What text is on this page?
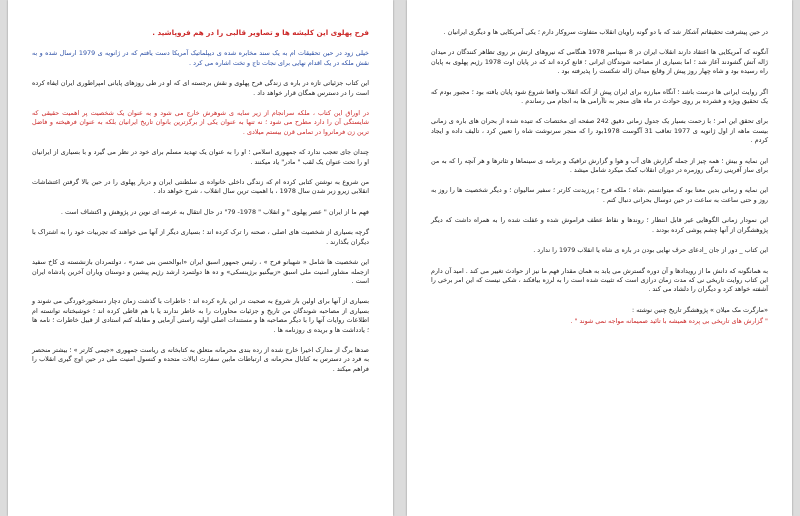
فرح پهلوی این کلیشه ها و تصاویر قالبی را در هم فروپاشید .

خیلی زود در حین تحقیقات ام به یک سند مخابره شده ی دیپلماتیک آمریکا دست یافتم که در ژانویه ی 1979 ارسال شده و به نقش ملکه در یک اقدام نهایی برای نجات تاج و تخت اشاره می کرد .

این کتاب جزئیاتی تازه در باره ی زندگی فرح پهلوی و نقش برجسته ای که او در طی روزهای پایانی امپراطوری ایران ایفاء کرده است را در دسترس همگان قرار خواهد داد .

در اوراق این کتاب ، ملکه سرانجام از زیر سایه ی شوهرش خارج می شود و به عنوان یک شخصیت پر اهمیت حقیقی که شایستگی آن را دارد مطرح می شود ؛ نه تنها به عنوان یکی از برگزترین بانوان تاریخ ایرانیان بلکه به عنوان فرهیخته و فاضل ترین زن فرمانروا در تمامی قرن بیستم میلادی .

چندان جای تعجب ندارد که جمهوری اسلامی ؛ او را به عنوان یک تهدید مسلم برای خود در نظر می گیرد و با بسیاری از ایرانیان او را تحت عنوان یک لقب " مادر" یاد میکنند .

من شروع به نوشتن کتابی کرده ام که زندگی داخلی خانواده ی سلطنتی ایران و دربار پهلوی را در حین بالا گرفتن اغتشاشات انقلابی زیرو زبر شدن سال 1978 ، با اهمیت ترین سال انقلاب ، شرح خواهد داد .

فهم ما از ایران " عصر پهلوی " و انقلاب " 1978- 79" در حال انتقال به عرصه ای نوین در پژوهش و اکتشاف است .

گرچه بسیاری از شخصیت های اصلی ، صحنه را ترک کرده اند ؛ بسیاری دیگر از آنها می خواهند که تجربیات خود را به اشتراک با دیگران بگذارند .

این شخصیت ها شامل « شهبانو فرح » ، رئیس جمهور اسبق ایران «ابوالحسن بنی صدر» ، دولتمردان بازنشسته ی کاخ سفید ازجمله مشاور امنیت ملی اسبق «زبیگنیو برژینسکی» و ده ها دولتمرد ارشد رژیم پیشین و دوستان ویاران آخرین پادشاه ایران است .

بسیاری از آنها برای اولین بار شروع به صحبت در این باره کرده اند ؛ خاطرات با گذشت زمان دچار دستخورخوردگی می شوند و بسیاری از مصاحبه شوندگان من تاریخ و جزئیات محاورات را به خاطر ندارند یا با هم قاطی کرده اند ؛ خوشبختانه توانسته ام اطلاعات روایات آنها را با دیگر مصاحبه ها و مستندات اصلی اولیه راستی آزمایی و مقابله کنم استادی از قبیل خاطرات ؛ نامه ها ؛ یادداشت ها و بریده ی روزنامه ها .

صدها برگ از مدارک اخیرا خارج شده از رده بندی محرمانه متعلق به کتابخانه ی ریاست جمهوری «جیمی کارتر » ؛ بیشتر منحصر به فرد در دسترس به کتابال محرمانه ی ارتباطات مابین سفارت ایالات متحده و کنسول امنیت ملی در حین اوج گیری انقلاب را فراهم میکند .

در حین پیشرفت تحقیقاتم آشکار شد که با دو گونه راویان انقلاب متفاوت سروکار دارم ؛ یکی آمریکایی ها و دیگری ایرانیان .

آنگونه که آمریکایی ها اعتقاد دارند انقلاب ایران در 8 سپتامبر 1978 هنگامی که نیروهای ارتش بر روی تظاهر کنندگان در میدان ژاله آتش گشودند آغاز شد ؛ اما بسیاری از مصاحبه شوندگان ایرانی ؛ قانع کرده اند که در پایان اوت 1978 رژیم پهلوی به پایان راه رسیده بود و شاه چهار روز پیش از وقایع میدان ژاله شکست را پذیرفته بود .

اگر روایت ایرانی ها درست باشد ؛ آنگاه مبارزه برای ایران پیش از آنکه انقلاب واقعا شروع شود پایان یافته بود ؛ مجبور بودم که یک تحقیق ویژه و فشرده بر روی حوادث در ماه های منجر به ناآرامی ها به انجام می رساندم .

برای تحقق این امر ؛ با زحمت بسیار یک جدول زمانی دقیق 242 صفحه ای مختصات که تنیده شده از بحران های باره ی زمانی بیست ماهه از اول ژانویه ی 1977 تعاقب 31 آگوست 1978بود را که منجر سرنوشت شاه را تعیین کرد ، تالیف داده و ایجاد کردم .

این نمایه و بیش ؛ همه چیز از جمله گزارش های آب و هوا و گزارش ترافیک و برنامه ی سینماها و تئاترها و هر آنچه را که به من برای ساز آفرینی زندگی روزمره در دوران انقلاب کمک میکرد شامل میشد .

این نمایه و زمانی بدین معنا بود که میتوانستم ،شاه ؛ ملکه فرح ؛ پرزیدنت کارتر ؛ سفیر سالیوان ؛ و دیگر شخصیت ها را روز به روز و حتی ساعت به ساعت در حین دوسال بحرانی دنبال کنم .

این نمودار زمانی الگوهایی غیر قابل انتظار ؛ روندها و نقاط عطف فراموش شده و غفلت شده را به همراه داشت که دیگر پژوهشگران از آنها چشم پوشی کرده بودند .

این کتاب _ دور از جان _ادعای حرف نهایی بودن در باره ی شاه یا انقلاب 1979 را ندارد .

به همانگونه که دانش ما از رویدادها و آن دوره گسترش می یابد به همان مقدار فهم ما نیز از حوادث تغییر می کند . امید آن دارم این کتاب روایت تاریخی نی که مدت زمان درازی است که تثبیت شده است را به لرزه بیافکند ، شکی نیست که این امر برخی را آشفته خواهد کرد و دیگران را دلشاد می کند .

«مارگرت مک میلان » پژوهشگر تاریخ چنین نوشته :

" گزارش های تاریخی بی پرده همیشه با تائید صمیمانه مواجه نمی شوند " .
